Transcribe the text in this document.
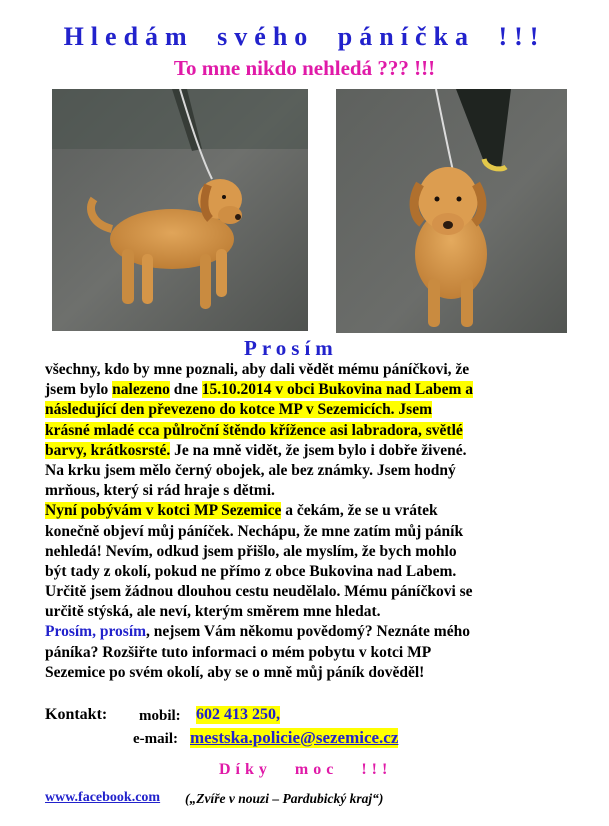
Hledám svého páníčka !!!
To mne nikdo nehledá ??? !!!
Prosím
všechny, kdo by mne poznali, aby dali vědět mému páníčkovi, že
jsem bylo nalezeno dne 15.10.2014 v obci Bukovina nad Labem a
následující den převezeno do kotce MP v Sezemicích. Jsem
krásné mladé cca půlroční štěndo křížence asi labradora, světlé
barvy, krátkosrsté. Je na mně vidět, že jsem bylo i dobře živené.
Na krku jsem mělo černý obojek, ale bez známky. Jsem hodný
mrňous, který si rád hraje s dětmi.
Nyní pobývám v kotci MP Sezemice a čekám, že se u vrátek
konečně objeví můj páníček. Nechápu, že mne zatím můj páník
nehledá! Nevím, odkud jsem přišlo, ale myslím, že bych mohlo
být tady z okolí, pokud ne přímo z obce Bukovina nad Labem.
Určitě jsem žádnou dlouhou cestu neudělalo. Mému páníčkovi se
určitě stýská, ale neví, kterým směrem mne hledat.
Prosím, prosím, nejsem Vám někomu povědomý? Neznáte mého
páníka? Rozšiřte tuto informaci o mém pobytu v kotci MP
Sezemice po svém okolí, aby se o mně můj páník dověděl!
Kontakt: mobil: 602 413 250,
e-mail: mestska.policie@sezemice.cz
Díky moc !!!
www.facebook.com („Zvíře v nouzi – Pardubický kraj“)
